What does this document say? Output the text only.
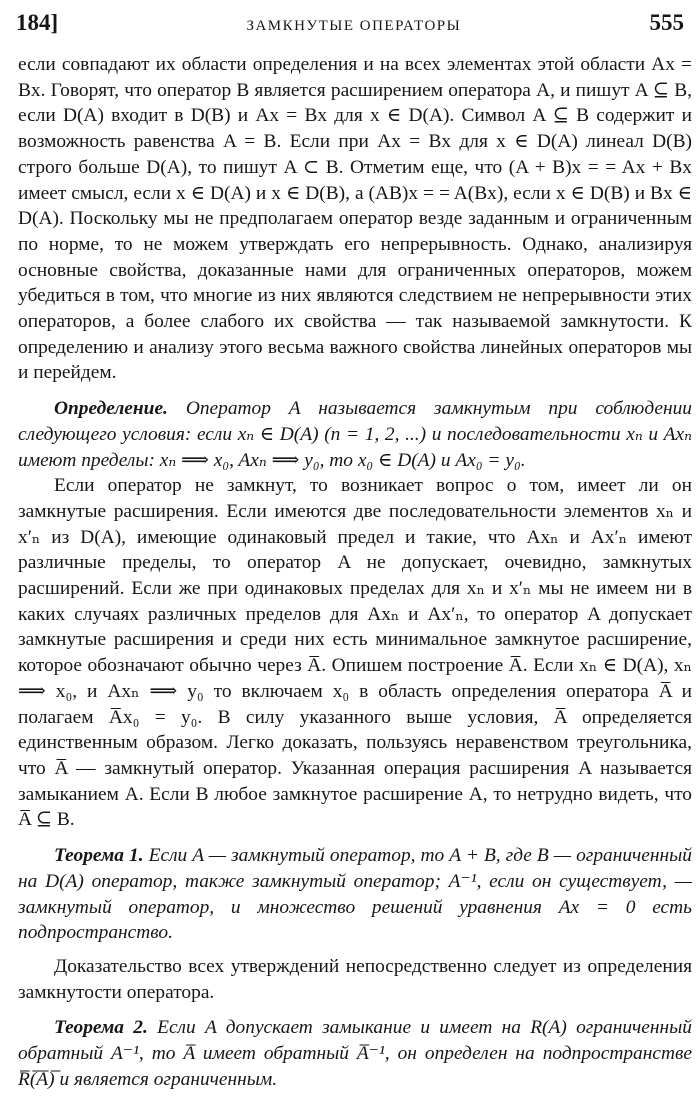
184]	ЗАМКНУТЫЕ ОПЕРАТОРЫ	555

если совпадают их области определения и на всех элементах этой области Ax = Bx. Говорят, что оператор B является расширением оператора A, и пишут A ⊆ B, если D(A) входит в D(B) и Ax = Bx для x ∈ D(A). Символ A ⊆ B содержит и возможность равенства A = B. Если при Ax = Bx для x ∈ D(A) линеал D(B) строго больше D(A), то пишут A ⊂ B. Отметим еще, что (A + B)x = = Ax + Bx имеет смысл, если x ∈ D(A) и x ∈ D(B), а (AB)x = = A(Bx), если x ∈ D(B) и Bx ∈ D(A). Поскольку мы не предполагаем оператор везде заданным и ограниченным по норме, то не можем утверждать его непрерывность. Однако, анализируя основные свойства, доказанные нами для ограниченных операторов, можем убедиться в том, что многие из них являются следствием не непрерывности этих операторов, а более слабого их свойства — так называемой замкнутости. К определению и анализу этого весьма важного свойства линейных операторов мы и перейдем.

Определение. Оператор A называется замкнутым при соблюдении следующего условия: если xₙ ∈ D(A) (n = 1, 2, ...) и последовательности xₙ и Axₙ имеют пределы: xₙ ⟹ x₀, Axₙ ⟹ y₀, то x₀ ∈ D(A) и Ax₀ = y₀.

Если оператор не замкнут, то возникает вопрос о том, имеет ли он замкнутые расширения. Если имеются две последовательности элементов xₙ и x′ₙ из D(A), имеющие одинаковый предел и такие, что Axₙ и Ax′ₙ имеют различные пределы, то оператор A не допускает, очевидно, замкнутых расширений. Если же при одинаковых пределах для xₙ и x′ₙ мы не имеем ни в каких случаях различных пределов для Axₙ и Ax′ₙ, то оператор A допускает замкнутые расширения и среди них есть минимальное замкнутое расширение, которое обозначают обычно через A̅. Опишем построение A̅. Если xₙ ∈ D(A), xₙ ⟹ x₀, и Axₙ ⟹ y₀ то включаем x₀ в область определения оператора A̅ и полагаем A̅x₀ = y₀. В силу указанного выше условия, A̅ определяется единственным образом. Легко доказать, пользуясь неравенством треугольника, что A̅ — замкнутый оператор. Указанная операция расширения A называется замыканием A. Если B любое замкнутое расширение A, то нетрудно видеть, что A̅ ⊆ B.

Теорема 1. Если A — замкнутый оператор, то A + B, где B — ограниченный на D(A) оператор, также замкнутый оператор; A⁻¹, если он существует, — замкнутый оператор, и множество решений уравнения Ax = 0 есть подпространство.

Доказательство всех утверждений непосредственно следует из определения замкнутости оператора.

Теорема 2. Если A допускает замыкание и имеет на R(A) ограниченный обратный A⁻¹, то A̅ имеет обратный A̅⁻¹, он определен на подпространстве R̅(̅A̅)̅ и является ограниченным.
